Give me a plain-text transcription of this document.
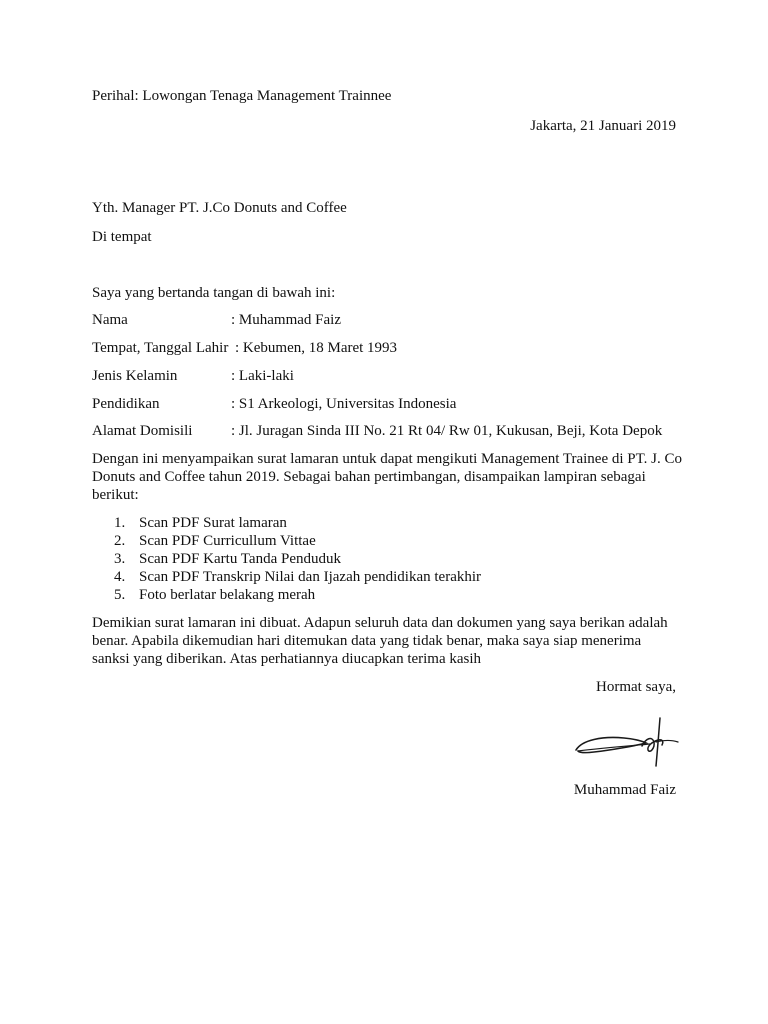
Perihal: Lowongan Tenaga Management Trainnee

Jakarta, 21 Januari 2019

Yth. Manager PT. J.Co Donuts and Coffee

Di tempat

Saya yang bertanda tangan di bawah ini:

Nama	: Muhammad Faiz
Tempat, Tanggal Lahir : Kebumen, 18 Maret 1993
Jenis Kelamin	: Laki-laki
Pendidikan	: S1 Arkeologi, Universitas Indonesia
Alamat Domisili	: Jl. Juragan Sinda III No. 21 Rt 04/ Rw 01, Kukusan, Beji, Kota Depok

Dengan ini menyampaikan surat lamaran untuk dapat mengikuti Management Trainee di PT. J. Co Donuts and Coffee tahun 2019. Sebagai bahan pertimbangan, disampaikan lampiran sebagai berikut:

1. Scan PDF Surat lamaran
2. Scan PDF Curricullum Vittae
3. Scan PDF Kartu Tanda Penduduk
4. Scan PDF Transkrip Nilai dan Ijazah pendidikan terakhir
5. Foto berlatar belakang merah

Demikian surat lamaran ini dibuat. Adapun seluruh data dan dokumen yang saya berikan adalah benar. Apabila dikemudian hari ditemukan data yang tidak benar, maka saya siap menerima sanksi yang diberikan. Atas perhatiannya diucapkan terima kasih

Hormat saya,

Muhammad Faiz
